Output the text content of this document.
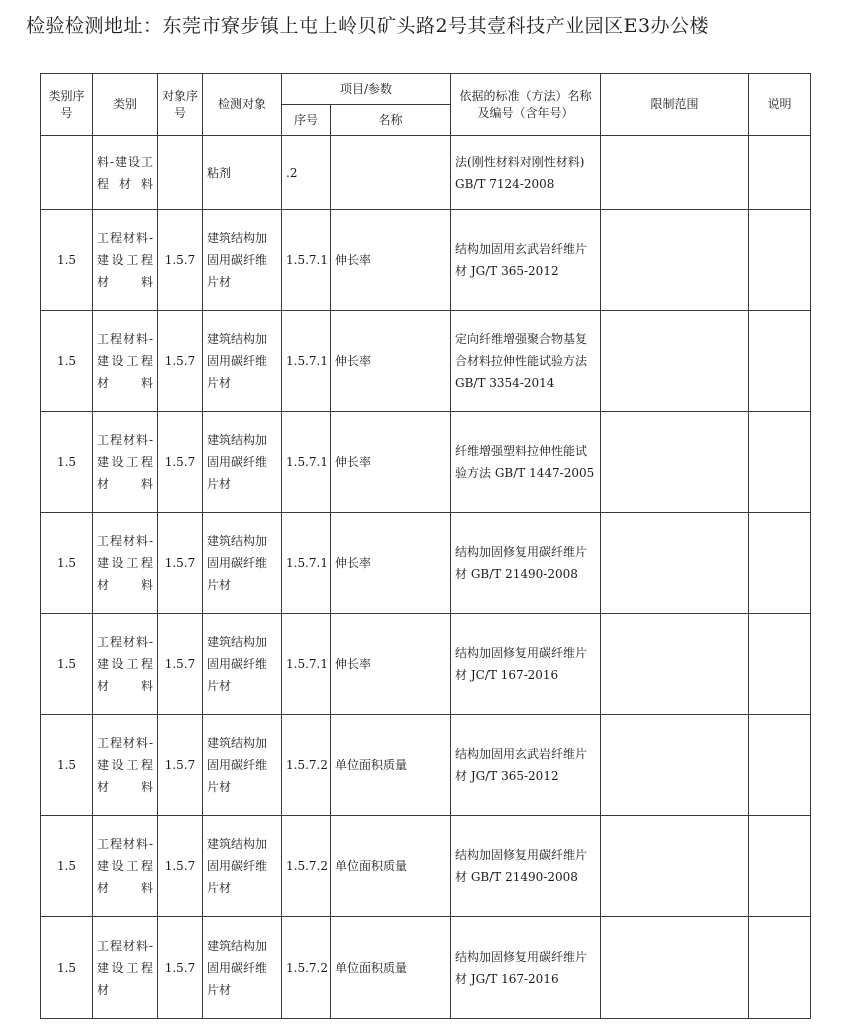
检验检测地址：东莞市寮步镇上屯上岭贝矿头路2号其壹科技产业园区E3办公楼
类别序号	类别	对象序号	检测对象	项目/参数		依据的标准（方法）名称及编号（含年号）	限制范围	说明
				序号	名称			
	料-建设工程材料		粘剂	.2		法(刚性材料对刚性材料) GB/T 7124-2008		
1.5	工程材料-建设工程材料	1.5.7	建筑结构加固用碳纤维片材	1.5.7.1	伸长率	结构加固用玄武岩纤维片材 JG/T 365-2012		
1.5	工程材料-建设工程材料	1.5.7	建筑结构加固用碳纤维片材	1.5.7.1	伸长率	定向纤维增强聚合物基复合材料拉伸性能试验方法 GB/T 3354-2014		
1.5	工程材料-建设工程材料	1.5.7	建筑结构加固用碳纤维片材	1.5.7.1	伸长率	纤维增强塑料拉伸性能试验方法 GB/T 1447-2005		
1.5	工程材料-建设工程材料	1.5.7	建筑结构加固用碳纤维片材	1.5.7.1	伸长率	结构加固修复用碳纤维片材 GB/T 21490-2008		
1.5	工程材料-建设工程材料	1.5.7	建筑结构加固用碳纤维片材	1.5.7.1	伸长率	结构加固修复用碳纤维片材 JC/T 167-2016		
1.5	工程材料-建设工程材料	1.5.7	建筑结构加固用碳纤维片材	1.5.7.2	单位面积质量	结构加固用玄武岩纤维片材 JG/T 365-2012		
1.5	工程材料-建设工程材料	1.5.7	建筑结构加固用碳纤维片材	1.5.7.2	单位面积质量	结构加固修复用碳纤维片材 GB/T 21490-2008		
1.5	工程材料-建设工程材	1.5.7	建筑结构加固用碳纤维片材	1.5.7.2	单位面积质量	结构加固修复用碳纤维片材 JG/T 167-2016		
